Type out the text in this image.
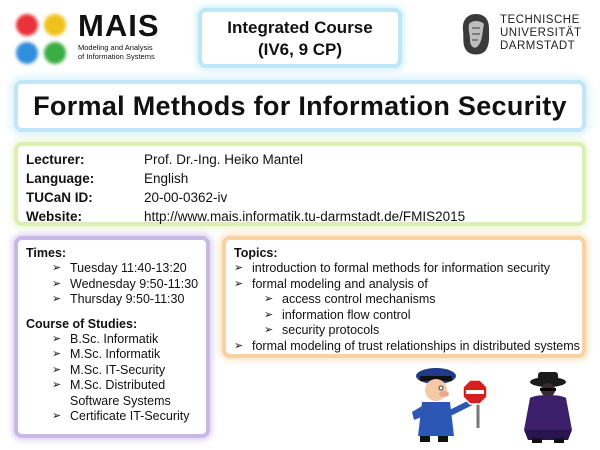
MAIS
Modeling and Analysis
of Information Systems
Integrated Course
(IV6, 9 CP)
TECHNISCHE
UNIVERSITÄT
DARMSTADT
Formal Methods for Information Security
Lecturer:	Prof. Dr.-Ing. Heiko Mantel
Language:	English
TUCaN ID:	20-00-0362-iv
Website:	http://www.mais.informatik.tu-darmstadt.de/FMIS2015
Times:
➢ Tuesday 11:40-13:20
➢ Wednesday 9:50-11:30
➢ Thursday 9:50-11:30
Course of Studies:
➢ B.Sc. Informatik
➢ M.Sc. Informatik
➢ M.Sc. IT-Security
➢ M.Sc. Distributed
Software Systems
➢ Certificate IT-Security
Topics:
➢ introduction to formal methods for information security
➢ formal modeling and analysis of
➢ access control mechanisms
➢ information flow control
➢ security protocols
➢ formal modeling of trust relationships in distributed systems
